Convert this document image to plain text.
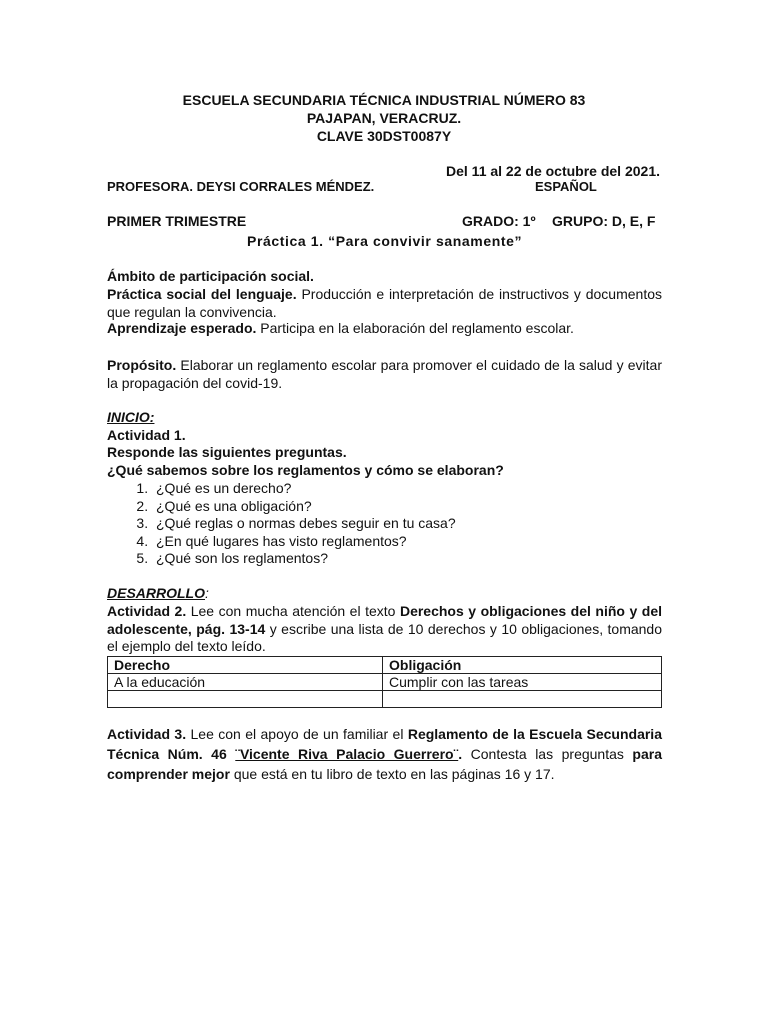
ESCUELA SECUNDARIA TÉCNICA INDUSTRIAL NÚMERO 83
PAJAPAN, VERACRUZ.
CLAVE 30DST0087Y
Del 11 al 22 de octubre del 2021.
PROFESORA. DEYSI CORRALES MÉNDEZ.	ESPAÑOL
PRIMER TRIMESTRE	GRADO: 1º GRUPO: D, E, F
Práctica 1. “Para convivir sanamente”
Ámbito de participación social.
Práctica social del lenguaje. Producción e interpretación de instructivos y documentos que regulan la convivencia.
Aprendizaje esperado. Participa en la elaboración del reglamento escolar.
Propósito. Elaborar un reglamento escolar para promover el cuidado de la salud y evitar la propagación del covid-19.
INICIO:
Actividad 1.
Responde las siguientes preguntas.
¿Qué sabemos sobre los reglamentos y cómo se elaboran?
1. ¿Qué es un derecho?
2. ¿Qué es una obligación?
3. ¿Qué reglas o normas debes seguir en tu casa?
4. ¿En qué lugares has visto reglamentos?
5. ¿Qué son los reglamentos?
DESARROLLO:
Actividad 2. Lee con mucha atención el texto Derechos y obligaciones del niño y del adolescente, pág. 13-14 y escribe una lista de 10 derechos y 10 obligaciones, tomando el ejemplo del texto leído.
Derecho	Obligación
A la educación	Cumplir con las tareas

Actividad 3. Lee con el apoyo de un familiar el Reglamento de la Escuela Secundaria Técnica Núm. 46 ¨Vicente Riva Palacio Guerrero¨. Contesta las preguntas para comprender mejor que está en tu libro de texto en las páginas 16 y 17.
